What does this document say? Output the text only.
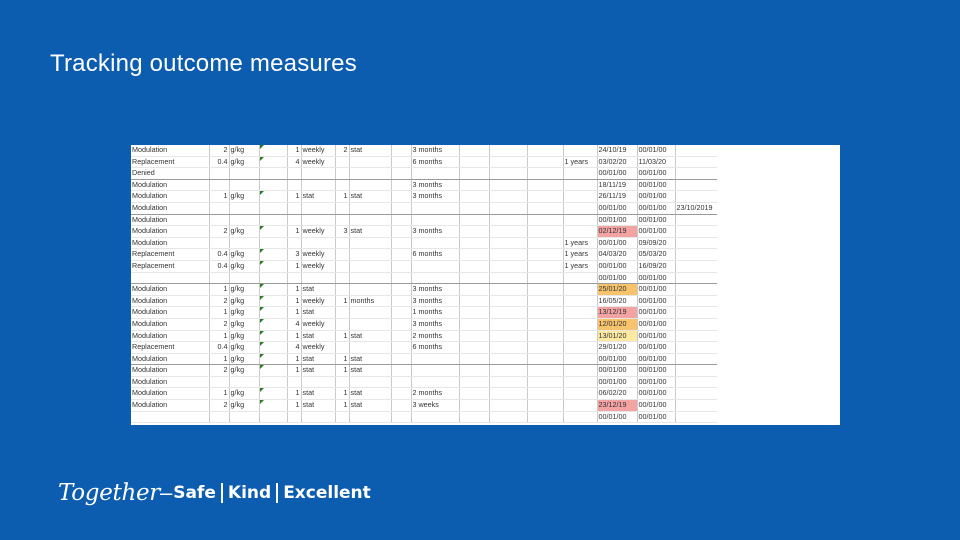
Tracking outcome measures
Modulation	2	g/kg		1	weekly	2	stat		3 months					24/10/19	00/01/00	
Replacement	0.4	g/kg		4	weekly				6 months				1 years	03/02/20	11/03/20	
Denied														00/01/00	00/01/00	
Modulation									3 months					18/11/19	00/01/00	
Modulation	1	g/kg		1	stat	1	stat		3 months					26/11/19	00/01/00	
Modulation														00/01/00	00/01/00	23/10/2019
Modulation														00/01/00	00/01/00	
Modulation	2	g/kg		1	weekly	3	stat		3 months					02/12/19	00/01/00	
Modulation													1 years	00/01/00	09/09/20	
Replacement	0.4	g/kg		3	weekly				6 months				1 years	04/03/20	05/03/20	
Replacement	0.4	g/kg		1	weekly								1 years	00/01/00	16/09/20	
														00/01/00	00/01/00	
Modulation	1	g/kg		1	stat				3 months					25/01/20	00/01/00	
Modulation	2	g/kg		1	weekly	1	months		3 months					16/05/20	00/01/00	
Modulation	1	g/kg		1	stat				1 months					13/12/19	00/01/00	
Modulation	2	g/kg		4	weekly				3 months					12/01/20	00/01/00	
Modulation	1	g/kg		1	stat	1	stat		2 months					13/01/20	00/01/00	
Replacement	0.4	g/kg		4	weekly				6 months					29/01/20	00/01/00	
Modulation	1	g/kg		1	stat	1	stat							00/01/00	00/01/00	
Modulation	2	g/kg		1	stat	1	stat							00/01/00	00/01/00	
Modulation														00/01/00	00/01/00	
Modulation	1	g/kg		1	stat	1	stat		2 months					06/02/20	00/01/00	
Modulation	2	g/kg		1	stat	1	stat		3 weeks					23/12/19	00/01/00	
														00/01/00	00/01/00	
Together – Safe Kind Excellent
